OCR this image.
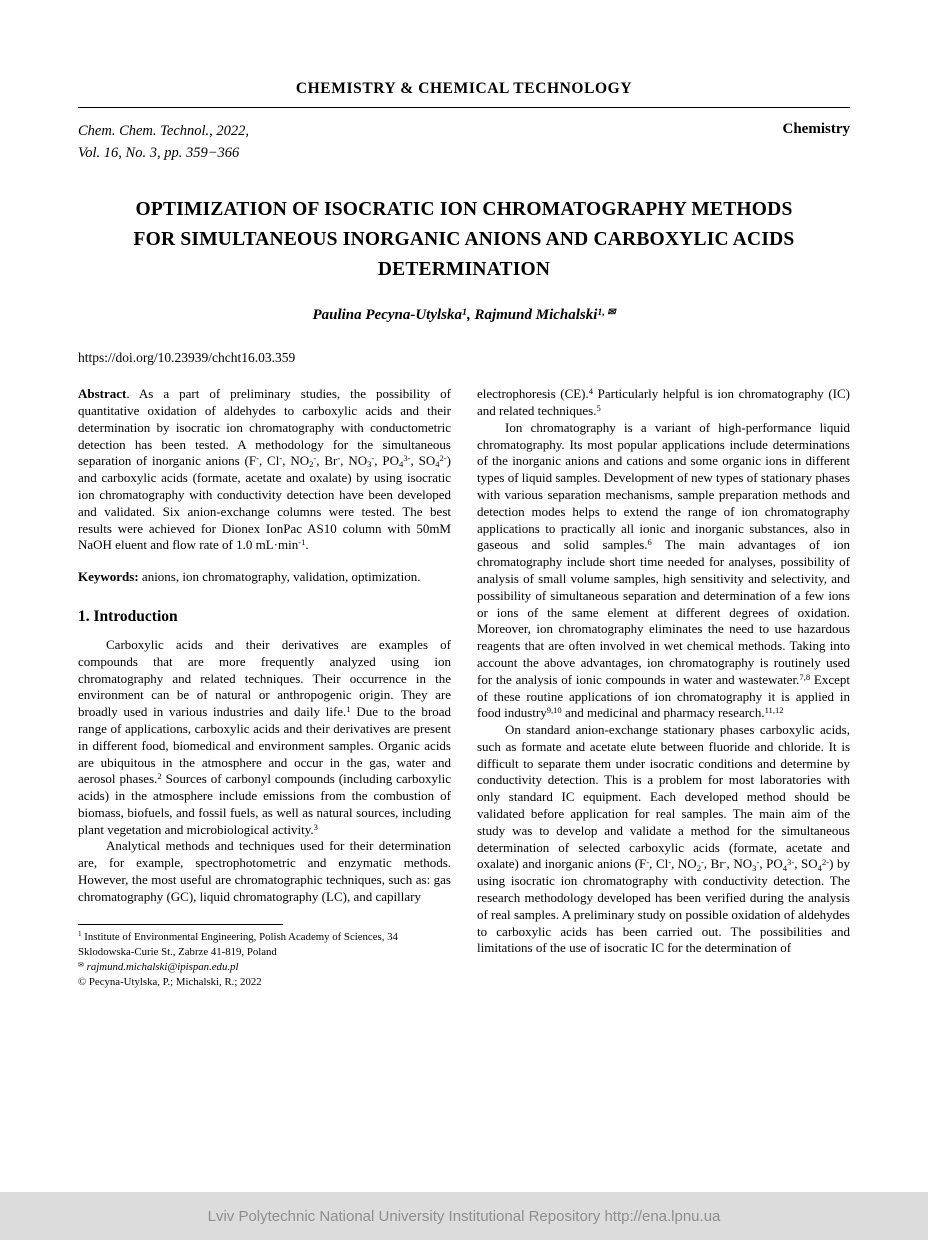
CHEMISTRY & CHEMICAL TECHNOLOGY
Chem. Chem. Technol., 2022,
Vol. 16, No. 3, pp. 359−366
Chemistry
OPTIMIZATION OF ISOCRATIC ION CHROMATOGRAPHY METHODS FOR SIMULTANEOUS INORGANIC ANIONS AND CARBOXYLIC ACIDS DETERMINATION
Paulina Pecyna-Utylska$^1$, Rajmund Michalski$^{1, ✉}$
https://doi.org/10.23939/chcht16.03.359

Abstract. As a part of preliminary studies, the possibility of quantitative oxidation of aldehydes to carboxylic acids and their determination by isocratic ion chromatography with conductometric detection has been tested. A methodology for the simultaneous separation of inorganic anions (F-, Cl-, $NO_2^-$, Br-, $NO_3^-$, $PO_4^{3-}$, $SO_4^{2-}$) and carboxylic acids (formate, acetate and oxalate) by using isocratic ion chromatography with conductivity detection have been developed and validated. Six anion-exchange columns were tested. The best results were achieved for Dionex IonPac AS10 column with 50mM NaOH eluent and flow rate of 1.0 $mL\cdot\min^{-1}$.

Keywords: anions, ion chromatography, validation, optimization.

1. Introduction

Carboxylic acids and their derivatives are examples of compounds that are more frequently analyzed using ion chromatography and related techniques. Their occurrence in the environment can be of natural or anthropogenic origin. They are broadly used in various industries and daily life.$^1$ Due to the broad range of applications, carboxylic acids and their derivatives are present in different food, biomedical and environment samples. Organic acids are ubiquitous in the atmosphere and occur in the gas, water and aerosol phases.$^2$ Sources of carbonyl compounds (including carboxylic acids) in the atmosphere include emissions from the combustion of biomass, biofuels, and fossil fuels, as well as natural sources, including plant vegetation and microbiological activity.$^3$

Analytical methods and techniques used for their determination are, for example, spectrophotometric and enzymatic methods. However, the most useful are chromatographic techniques, such as: gas chromatography (GC), liquid chromatography (LC), and capillary

$^1$ Institute of Environmental Engineering, Polish Academy of Sciences, 34 Sklodowska-Curie St., Zabrze 41-819, Poland
✉ rajmund.michalski@ipispan.edu.pl
© Pecyna-Utylska, P.; Michalski, R.; 2022

electrophoresis (CE).$^4$ Particularly helpful is ion chromatography (IC) and related techniques.$^5$

Ion chromatography is a variant of high-performance liquid chromatography. Its most popular applications include determinations of the inorganic anions and cations and some organic ions in different types of liquid samples. Development of new types of stationary phases with various separation mechanisms, sample preparation methods and detection modes helps to extend the range of ion chromatography applications to practically all ionic and inorganic substances, also in gaseous and solid samples.$^6$ The main advantages of ion chromatography include short time needed for analyses, possibility of analysis of small volume samples, high sensitivity and selectivity, and possibility of simultaneous separation and determination of a few ions or ions of the same element at different degrees of oxidation. Moreover, ion chromatography eliminates the need to use hazardous reagents that are often involved in wet chemical methods. Taking into account the above advantages, ion chromatography is routinely used for the analysis of ionic compounds in water and wastewater.$^{7,8}$ Except of these routine applications of ion chromatography it is applied in food industry$^{9,10}$ and medicinal and pharmacy research.$^{11,12}$

On standard anion-exchange stationary phases carboxylic acids, such as formate and acetate elute between fluoride and chloride. It is difficult to separate them under isocratic conditions and determine by conductivity detection. This is a problem for most laboratories with only standard IC equipment. Each developed method should be validated before application for real samples. The main aim of the study was to develop and validate a method for the simultaneous determination of selected carboxylic acids (formate, acetate and oxalate) and inorganic anions (F-, Cl-, $NO_2^-$, Br-, $NO_3^-$, $PO_4^{3-}$, $SO_4^{2-}$) by using isocratic ion chromatography with conductivity detection. The research methodology developed has been verified during the analysis of real samples. A preliminary study on possible oxidation of aldehydes to carboxylic acids has been carried out. The possibilities and limitations of the use of isocratic IC for the determination of

Lviv Polytechnic National University Institutional Repository http://ena.lpnu.ua
